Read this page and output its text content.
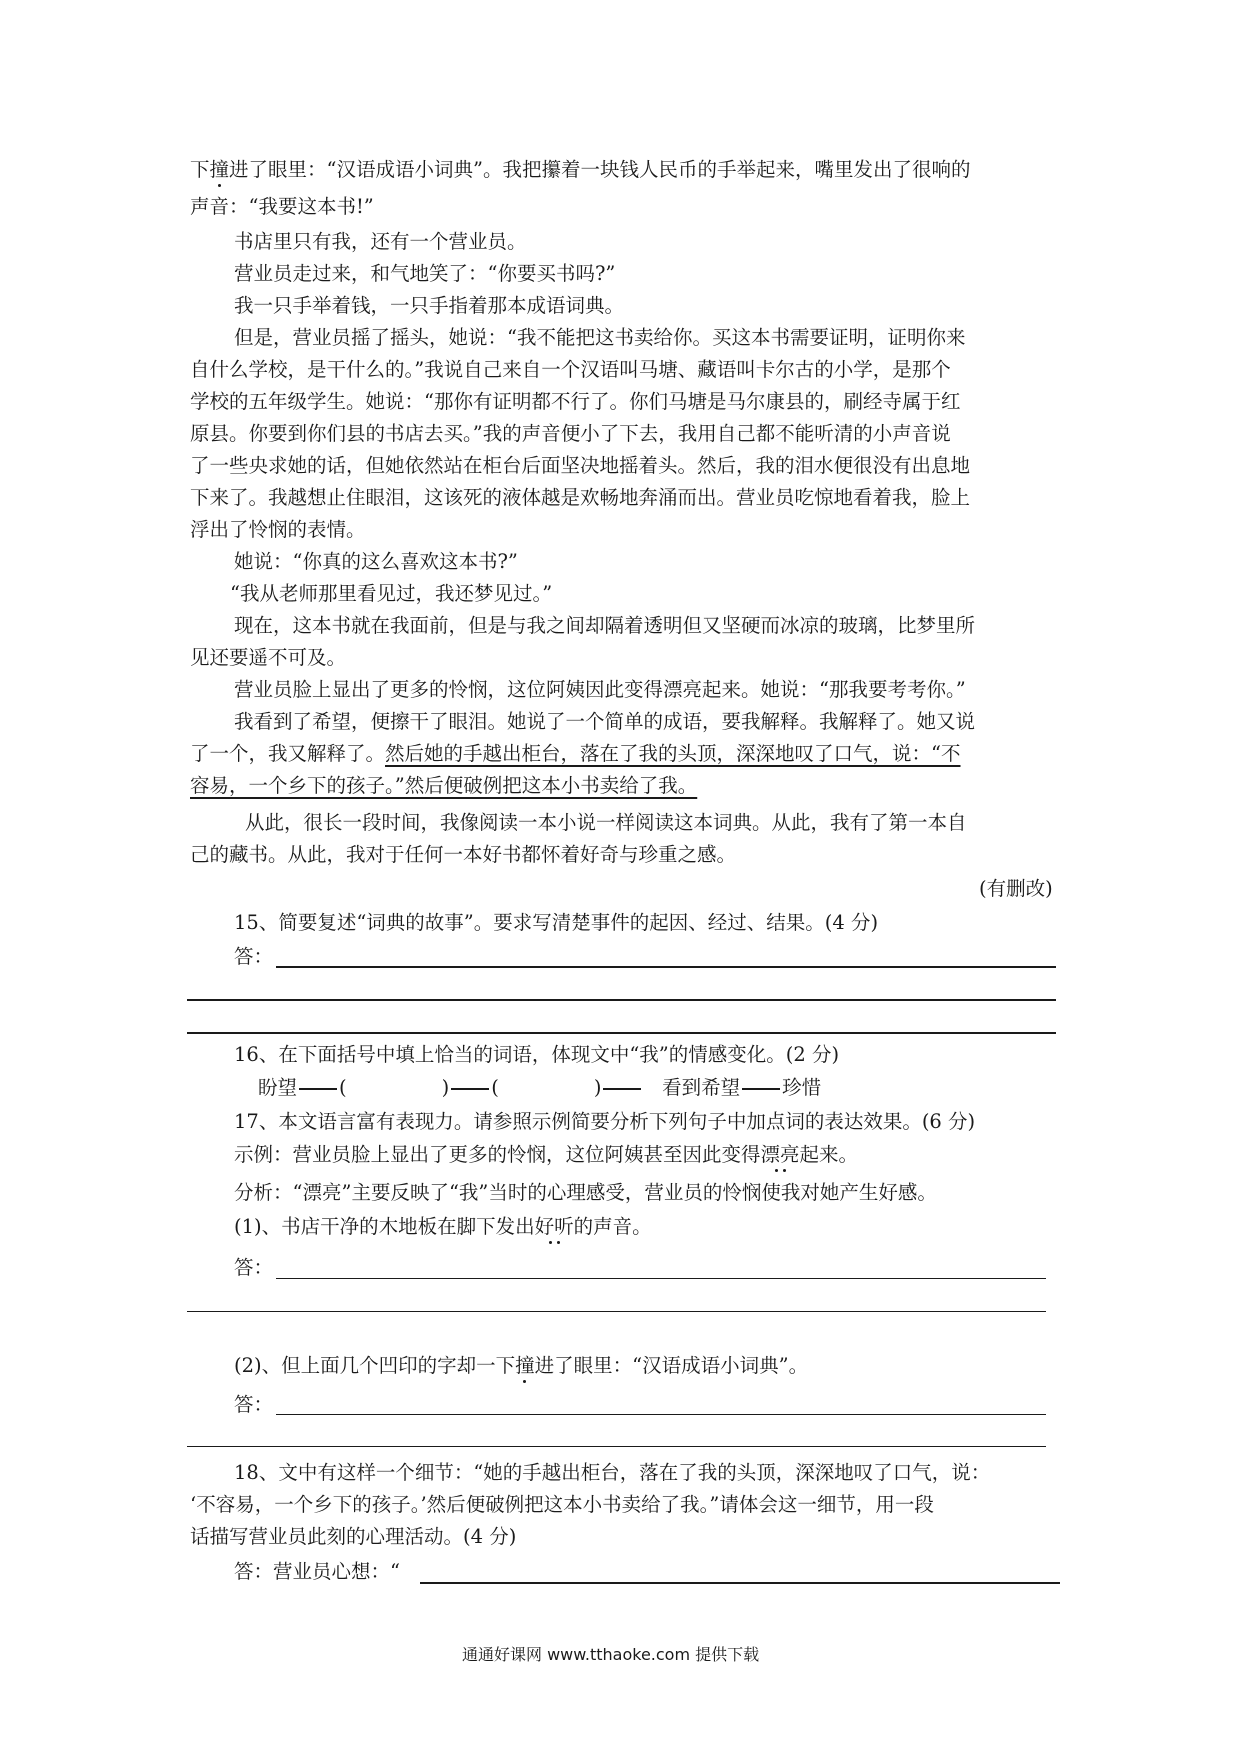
下撞进了眼里：“汉语成语小词典”。我把攥着一块钱人民币的手举起来，嘴里发出了很响的
声音：“我要这本书!”
书店里只有我，还有一个营业员。
营业员走过来，和气地笑了：“你要买书吗?”
我一只手举着钱，一只手指着那本成语词典。
但是，营业员摇了摇头，她说：“我不能把这书卖给你。买这本书需要证明，证明你来
自什么学校，是干什么的。”我说自己来自一个汉语叫马塘、藏语叫卡尔古的小学，是那个
学校的五年级学生。她说：“那你有证明都不行了。你们马塘是马尔康县的，刷经寺属于红
原县。你要到你们县的书店去买。”我的声音便小了下去，我用自己都不能听清的小声音说
了一些央求她的话，但她依然站在柜台后面坚决地摇着头。然后，我的泪水便很没有出息地
下来了。我越想止住眼泪，这该死的液体越是欢畅地奔涌而出。营业员吃惊地看着我，脸上
浮出了怜悯的表情。
她说：“你真的这么喜欢这本书?”
“我从老师那里看见过，我还梦见过。”
现在，这本书就在我面前，但是与我之间却隔着透明但又坚硬而冰凉的玻璃，比梦里所
见还要遥不可及。
营业员脸上显出了更多的怜悯，这位阿姨因此变得漂亮起来。她说：“那我要考考你。”
我看到了希望，便擦干了眼泪。她说了一个简单的成语，要我解释。我解释了。她又说
了一个，我又解释了。然后她的手越出柜台，落在了我的头顶，深深地叹了口气，说：“不
容易，一个乡下的孩子。”然后便破例把这本小书卖给了我。
从此，很长一段时间，我像阅读一本小说一样阅读这本词典。从此，我有了第一本自
己的藏书。从此，我对于任何一本好书都怀着好奇与珍重之感。
(有删改)
15、简要复述“词典的故事”。要求写清楚事件的起因、经过、结果。(4 分)
答：
16、在下面括号中填上恰当的词语，体现文中“我”的情感变化。(2 分)
盼望 (	) (	)	看到希望 珍惜
17、本文语言富有表现力。请参照示例简要分析下列句子中加点词的表达效果。(6 分)
示例：营业员脸上显出了更多的怜悯，这位阿姨甚至因此变得漂亮起来。
分析：“漂亮”主要反映了“我”当时的心理感受，营业员的怜悯使我对她产生好感。
(1)、书店干净的木地板在脚下发出好听的声音。
答：
(2)、但上面几个凹印的字却一下撞进了眼里：“汉语成语小词典”。
答：
18、文中有这样一个细节：“她的手越出柜台，落在了我的头顶，深深地叹了口气，说：
‘不容易，一个乡下的孩子。’然后便破例把这本小书卖给了我。”请体会这一细节，用一段
话描写营业员此刻的心理活动。(4 分)
答：营业员心想：“
通通好课网 www.tthaoke.com 提供下载
